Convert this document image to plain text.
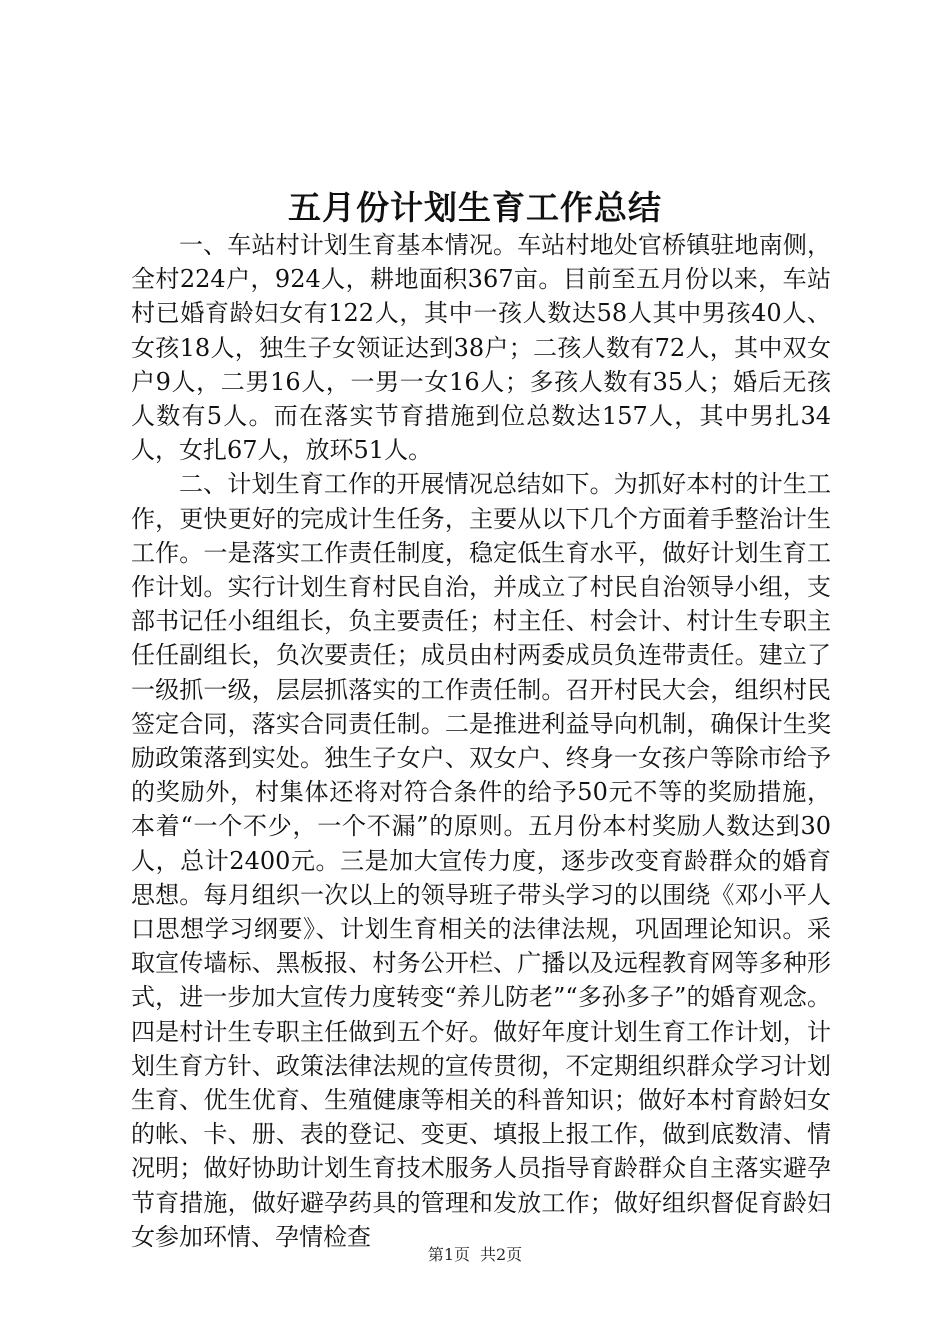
五月份计划生育工作总结

一、车站村计划生育基本情况。车站村地处官桥镇驻地南侧，全村224户，924人，耕地面积367亩。目前至五月份以来，车站村已婚育龄妇女有122人，其中一孩人数达58人其中男孩40人、女孩18人，独生子女领证达到38户；二孩人数有72人，其中双女户9人，二男16人，一男一女16人；多孩人数有35人；婚后无孩人数有5人。而在落实节育措施到位总数达157人，其中男扎34人，女扎67人，放环51人。

二、计划生育工作的开展情况总结如下。为抓好本村的计生工作，更快更好的完成计生任务，主要从以下几个方面着手整治计生工作。一是落实工作责任制度，稳定低生育水平，做好计划生育工作计划。实行计划生育村民自治，并成立了村民自治领导小组，支部书记任小组组长，负主要责任；村主任、村会计、村计生专职主任任副组长，负次要责任；成员由村两委成员负连带责任。建立了一级抓一级，层层抓落实的工作责任制。召开村民大会，组织村民签定合同，落实合同责任制。二是推进利益导向机制，确保计生奖励政策落到实处。独生子女户、双女户、终身一女孩户等除市给予的奖励外，村集体还将对符合条件的给予50元不等的奖励措施，本着“一个不少，一个不漏”的原则。五月份本村奖励人数达到30人，总计2400元。三是加大宣传力度，逐步改变育龄群众的婚育思想。每月组织一次以上的领导班子带头学习的以围绕《邓小平人口思想学习纲要》、计划生育相关的法律法规，巩固理论知识。采取宣传墙标、黑板报、村务公开栏、广播以及远程教育网等多种形式，进一步加大宣传力度转变“养儿防老”“多孙多子”的婚育观念。四是村计生专职主任做到五个好。做好年度计划生育工作计划，计划生育方针、政策法律法规的宣传贯彻，不定期组织群众学习计划生育、优生优育、生殖健康等相关的科普知识；做好本村育龄妇女的帐、卡、册、表的登记、变更、填报上报工作，做到底数清、情况明；做好协助计划生育技术服务人员指导育龄群众自主落实避孕节育措施，做好避孕药具的管理和发放工作；做好组织督促育龄妇女参加环情、孕情检查

第1页 共2页
